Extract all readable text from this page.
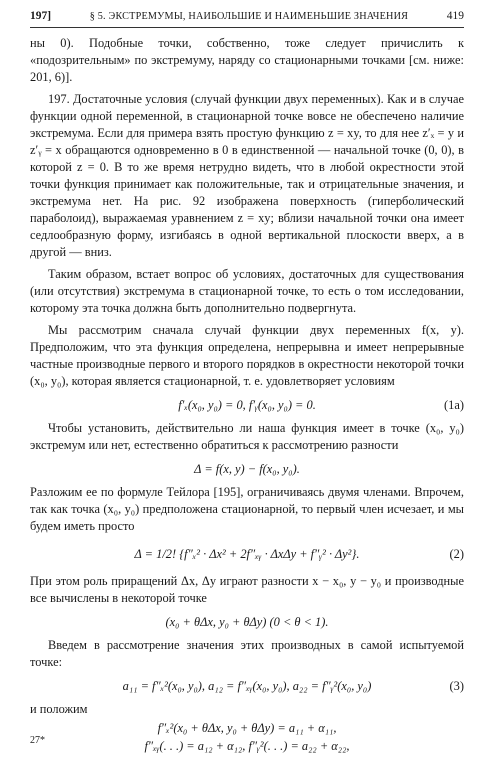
197]	§ 5. ЭКСТРЕМУМЫ, НАИБОЛЬШИЕ И НАИМЕНЬШИЕ ЗНАЧЕНИЯ	419

ны 0). Подобные точки, собственно, тоже следует причислить к «подозрительным» по экстремуму, наряду со стационарными точками [см. ниже: 201, 6)].

197. Достаточные условия (случай функции двух переменных). Как и в случае функции одной переменной, в стационарной точке вовсе не обеспечено наличие экстремума. Если для примера взять простую функцию z = xy, то для нее z′ₓ = y и z′ᵧ = x обращаются одновременно в 0 в единственной — начальной точке (0, 0), в которой z = 0. В то же время нетрудно видеть, что в любой окрестности этой точки функция принимает как положительные, так и отрицательные значения, и экстремума нет. На рис. 92 изображена поверхность (гиперболический параболоид), выражаемая уравнением z = xy; вблизи начальной точки она имеет седлообразную форму, изгибаясь в одной вертикальной плоскости вверх, а в другой — вниз.

Таким образом, встает вопрос об условиях, достаточных для существования (или отсутствия) экстремума в стационарной точке, то есть о том исследовании, которому эта точка должна быть дополнительно подвергнута.

Мы рассмотрим сначала случай функции двух переменных f(x, y). Предположим, что эта функция определена, непрерывна и имеет непрерывные частные производные первого и второго порядков в окрестности некоторой точки (x₀, y₀), которая является стационарной, т. е. удовлетворяет условиям

f′ₓ(x₀, y₀) = 0, f′ᵧ(x₀, y₀) = 0.	(1a)

Чтобы установить, действительно ли наша функция имеет в точке (x₀, y₀) экстремум или нет, естественно обратиться к рассмотрению разности

Δ = f(x, y) − f(x₀, y₀).

Разложим ее по формуле Тейлора [195], ограничиваясь двумя членами. Впрочем, так как точка (x₀, y₀) предположена стационарной, то первый член исчезает, и мы будем иметь просто

Δ = 1/2! {f″ₓ² · Δx² + 2f″ₓᵧ · ΔxΔy + f″ᵧ² · Δy²}.	(2)

При этом роль приращений Δx, Δy играют разности x − x₀, y − y₀ и производные все вычислены в некоторой точке

(x₀ + θΔx, y₀ + θΔy) (0 < θ < 1).

Введем в рассмотрение значения этих производных в самой испытуемой точке:

a₁₁ = f″ₓ²(x₀, y₀), a₁₂ = f″ₓᵧ(x₀, y₀), a₂₂ = f″ᵧ²(x₀, y₀)	(3)

и положим

f″ₓ²(x₀ + θΔx, y₀ + θΔy) = a₁₁ + α₁₁,
f″ₓᵧ(. . .) = a₁₂ + α₁₂, f″ᵧ²(. . .) = a₂₂ + α₂₂,
27*
